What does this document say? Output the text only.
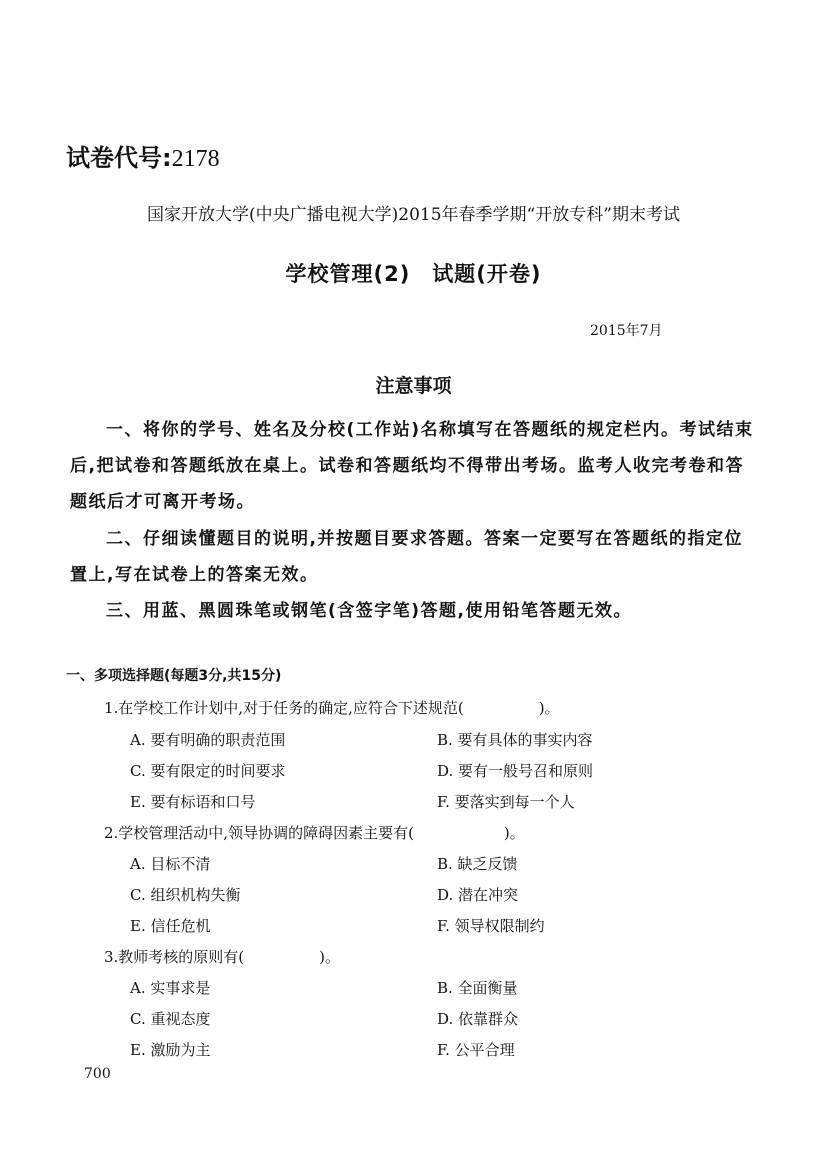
试卷代号:2178
国家开放大学(中央广播电视大学)2015年春季学期“开放专科”期末考试
学校管理(2)　试题(开卷)
2015年7月
注意事项
一、将你的学号、姓名及分校(工作站)名称填写在答题纸的规定栏内。考试结束后,把试卷和答题纸放在桌上。试卷和答题纸均不得带出考场。监考人收完考卷和答题纸后才可离开考场。
二、仔细读懂题目的说明,并按题目要求答题。答案一定要写在答题纸的指定位置上,写在试卷上的答案无效。
三、用蓝、黑圆珠笔或钢笔(含签字笔)答题,使用铅笔答题无效。
一、多项选择题(每题3分,共15分)
1.在学校工作计划中,对于任务的确定,应符合下述规范(　　　　　)。
A. 要有明确的职责范围	B. 要有具体的事实内容
C. 要有限定的时间要求	D. 要有一般号召和原则
E. 要有标语和口号	F. 要落实到每一个人
2.学校管理活动中,领导协调的障碍因素主要有(　　　　　　)。
A. 目标不清	B. 缺乏反馈
C. 组织机构失衡	D. 潜在冲突
E. 信任危机	F. 领导权限制约
3.教师考核的原则有(　　　　　)。
A. 实事求是	B. 全面衡量
C. 重视态度	D. 依靠群众
E. 激励为主	F. 公平合理
700
